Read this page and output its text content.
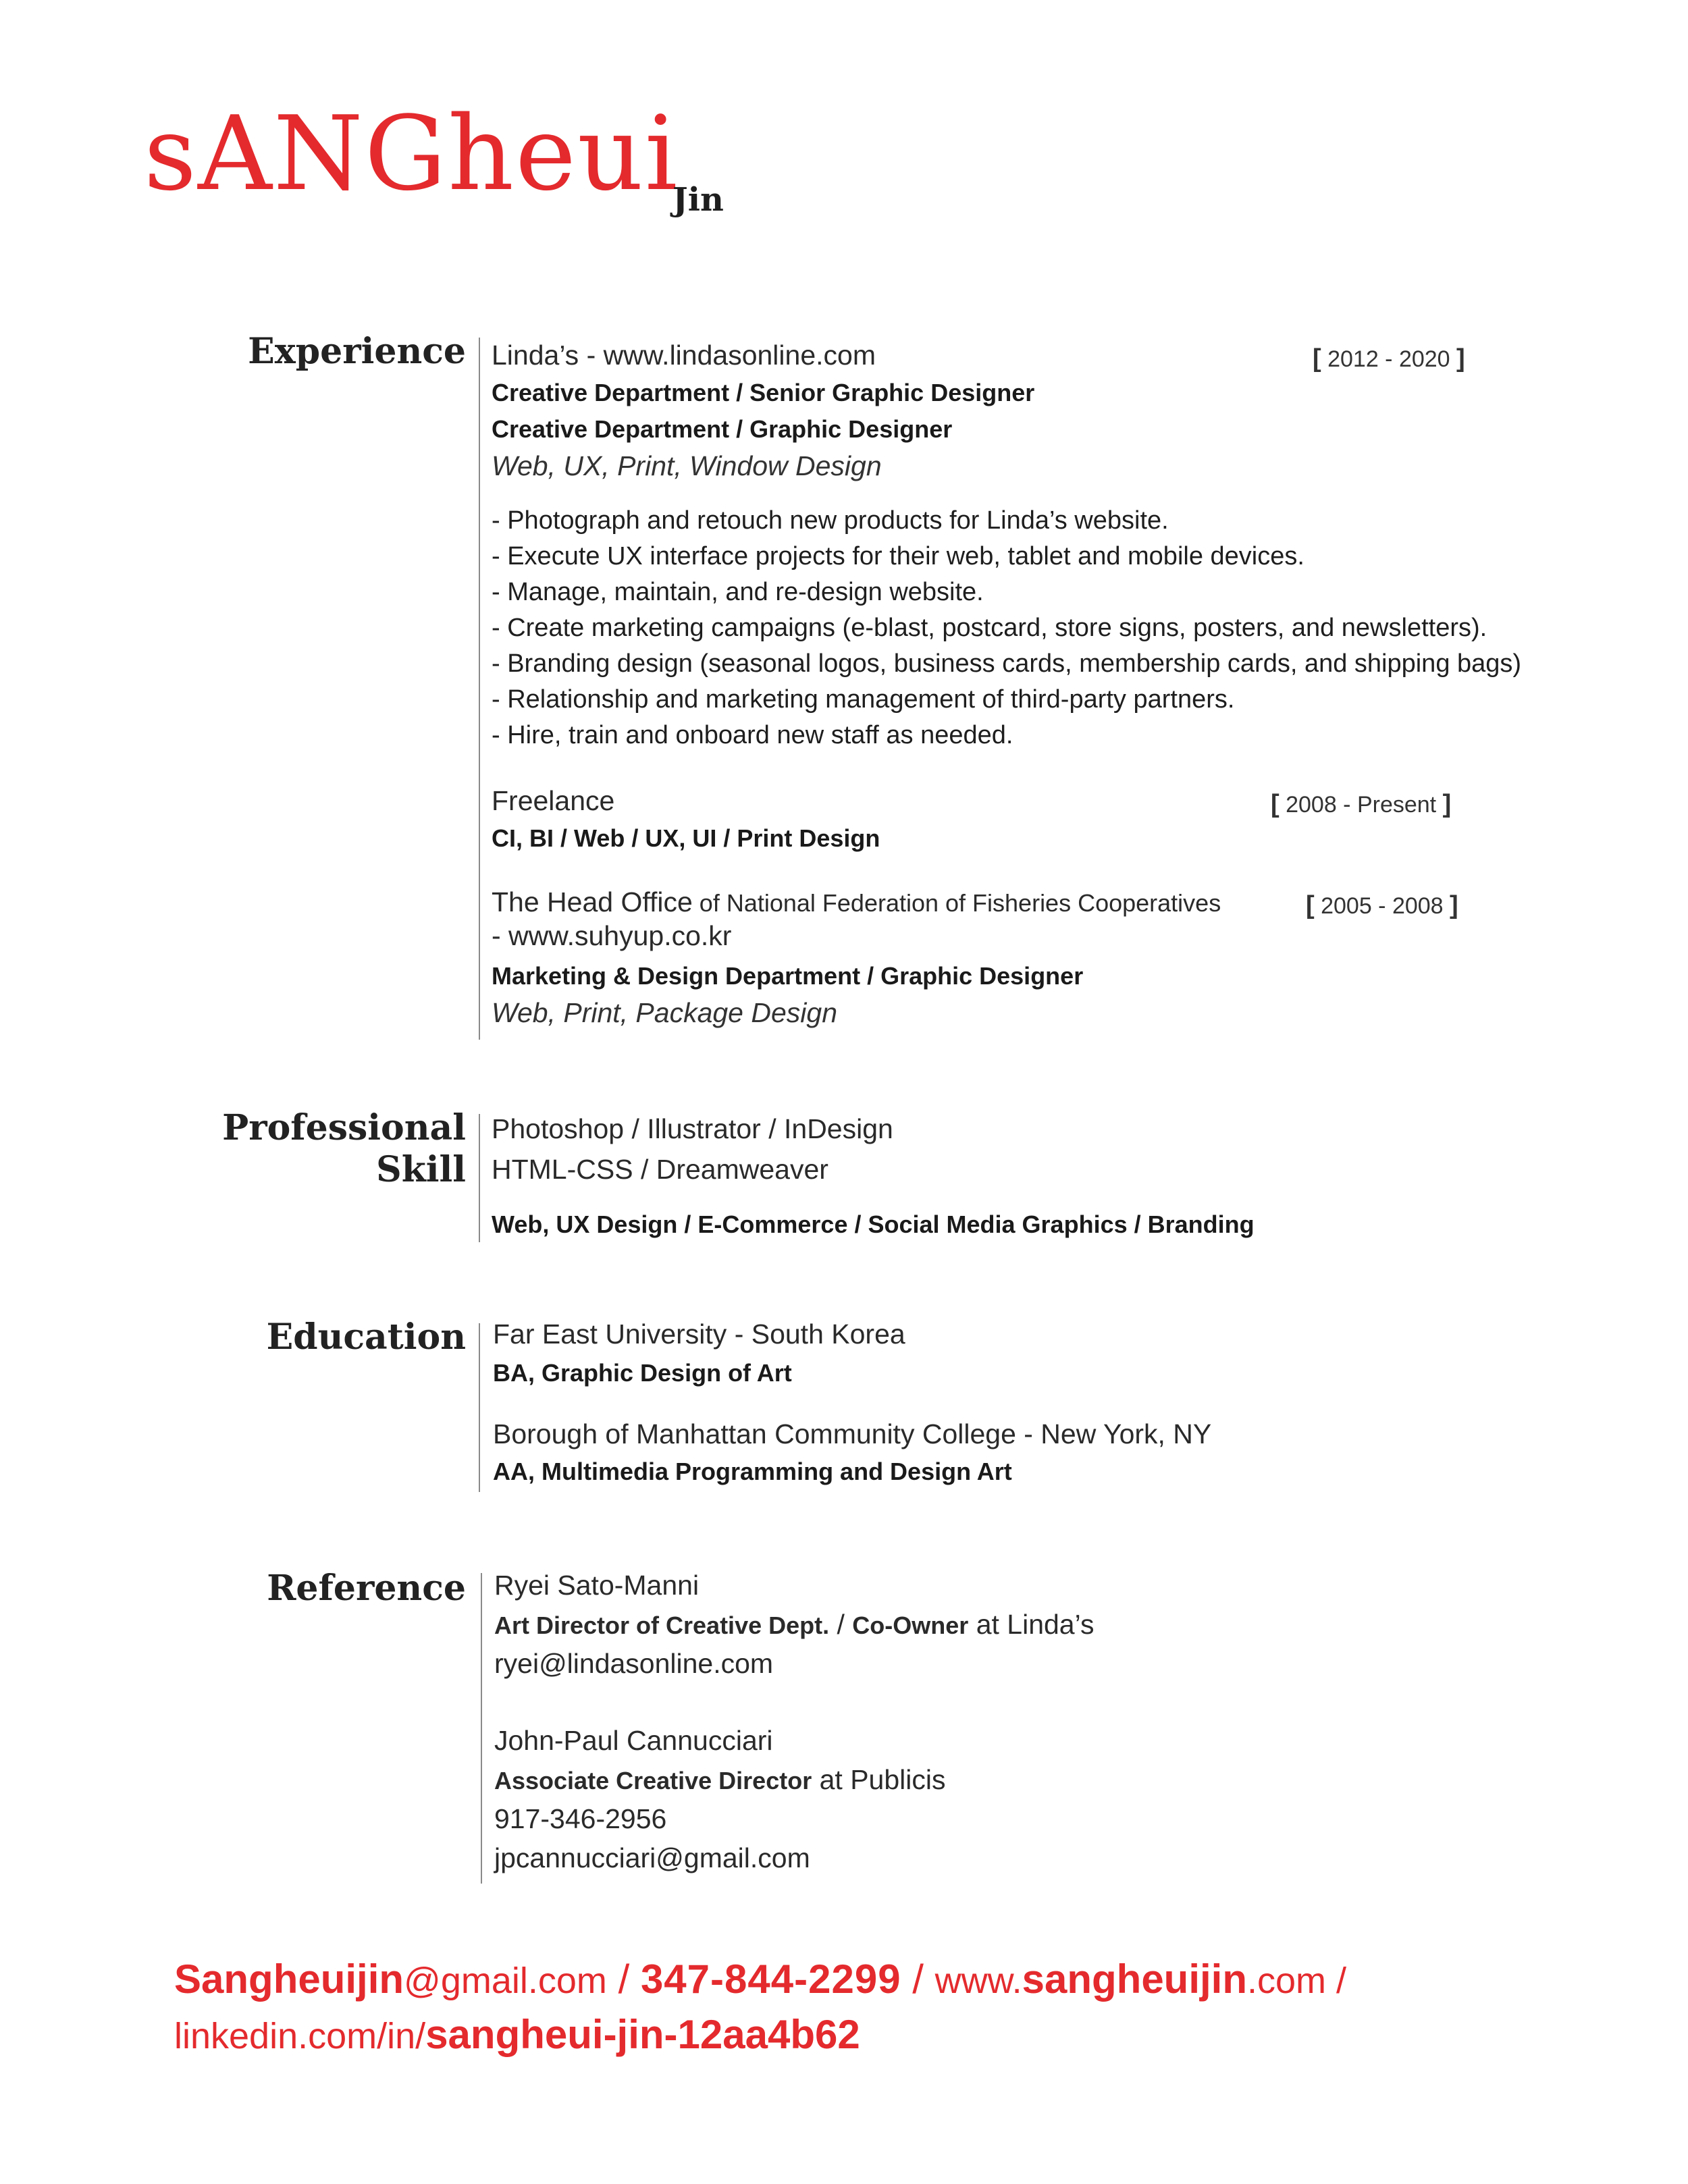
sANGheui
Jin
Experience
Professional
Skill
Education
Reference
Linda’s - www.lindasonline.com	[ 2012 - 2020 ]
Creative Department / Senior Graphic Designer
Creative Department / Graphic Designer
Web, UX, Print, Window Design
- Photograph and retouch new products for Linda’s website.
- Execute UX interface projects for their web, tablet and mobile devices.
- Manage, maintain, and re-design website.
- Create marketing campaigns (e-blast, postcard, store signs, posters, and newsletters).
- Branding design (seasonal logos, business cards, membership cards, and shipping bags)
- Relationship and marketing management of third-party partners.
- Hire, train and onboard new staff as needed.
Freelance	[ 2008 - Present ]
CI, BI / Web / UX, UI / Print Design
The Head Office of National Federation of Fisheries Cooperatives	[ 2005 - 2008 ]
- www.suhyup.co.kr
Marketing & Design Department / Graphic Designer
Web, Print, Package Design
Photoshop / Illustrator / InDesign
HTML-CSS / Dreamweaver
Web, UX Design / E-Commerce / Social Media Graphics / Branding
Far East University - South Korea
BA, Graphic Design of Art
Borough of Manhattan Community College - New York, NY
AA, Multimedia Programming and Design Art
Ryei Sato-Manni
Art Director of Creative Dept. / Co-Owner at Linda’s
ryei@lindasonline.com
John-Paul Cannucciari
Associate Creative Director at Publicis
917-346-2956
jpcannucciari@gmail.com
Sangheuijin@gmail.com / 347-844-2299 / www.sangheuijin.com /
linkedin.com/in/sangheui-jin-12aa4b62
